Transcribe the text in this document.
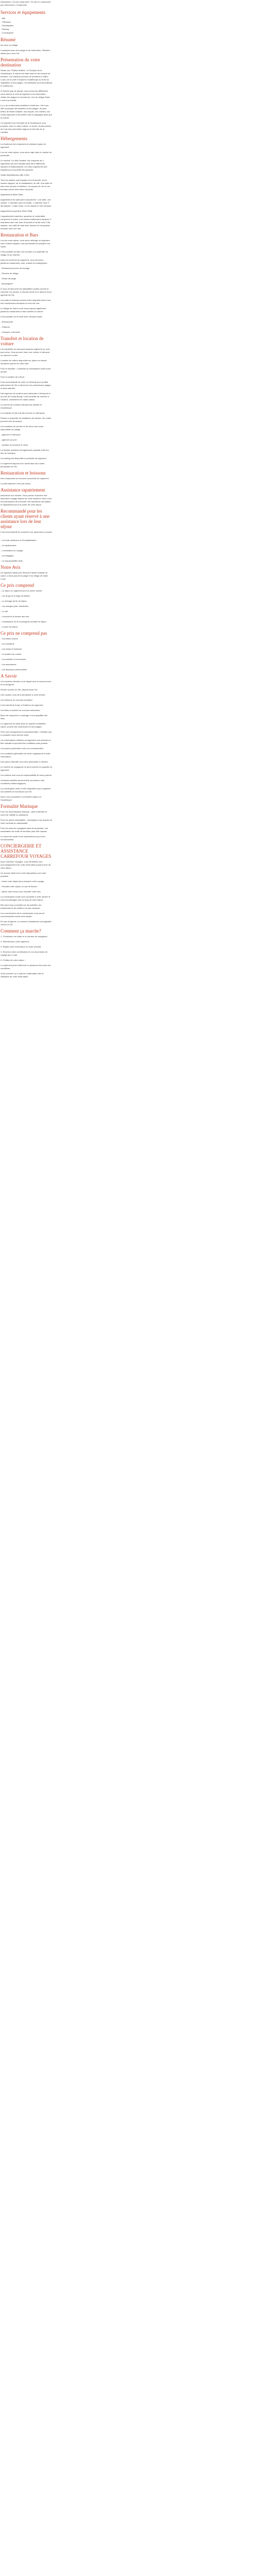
Description | Ce joli compromis ! Ce prix en compromis par l'annonceur | Compromis
Services et équipements
- Wifi
- Télévision
- Climatisation
- Parking
- Conciergerie
Résumé
Au cœur du village
A quelques pas de la plage et de l'animation. Situation idéale pour vivre l'île.
Présentation du votre destination
Située aux "Petites Antilles", à l'Archipel de la Guadeloupe, le séjour est situé dans un lieu unique du territoire. Les visiteurs peuvent se promener à Saint-Louis, sur la côte et explorer Guadeloupe au fil de sa végétation et ses plages. Les habitants sont accueillants et chaleureux.
À l'arrivée pas de départ, nous avons les différentes vous donnez le coût du logement à la réservation, visites des plages et commerces, tout au village Saint-Louis à proximité.
Il y a de nombreuses activités à l'extérieur. L'île vous offre la plupart des activités et des plages, les plus belles de Marie-Galante, ses criques, ses rivières, ses routes agricoles et les belles vues et paysages ainsi que la culture.
Ce logement sur l'archipel de la Guadeloupe vous propose, avec ou sans voiture, un accès, la découverte de l'une des plus belles régions et des îles de la Caraïbe.
Hébergements
La résidence est composée de plusieurs types de logement :
Lors de votre séjour, vous serez logé dans le meublé de particulier.
Le meublé "La Villa Caraïbe" est composé de 2 logements qui sont répartis dans deux bâtiments séparés et indépendants. Les deux logements sont équipés pour accueillir des groupes.
Studio Bois/Bambou (Bis 1/2/3)
Tous les studios sont équipés d'un lit double, d'une cuisine équipée, de la climatisation, du wifi. Une salle de bain avec douche et toilettes. Un espace de vie et une terrasse privée avec salon de jardin.
Appartement (Bois Sifet)
Appartement de plain pied comprenant : une salle, une cuisine, 1 chambre avec lit double, 1 chambre avec 2 lits simples, 1 salle d'eau, un wc séparé et une terrasse.
Appartement supérieur (Bois Sifet)
L'appartement supérieur, spacieux et confortable, comprend un salon, une cuisine entièrement équipée, 2 chambres dont une avec lit double et l'autre avec 2 lits simples, une salle de bain avec douche et une grande terrasse avec vue mer.
Restauration et Bars
Lors de votre séjour, vous serez hébergé en logement avec cuisine équipée vous permettant de préparer vos repas.
Il est possible de faire vos courses à la supérette du village ou au marché.
Dans les environs du logement, vous trouverez plusieurs restaurants, bars, snacks et boulangeries :
- Restaurant proche de la plage
- Pizzeria du village
- Snack de plage
- Boulangerie
À vous de découvrir les spécialités locales comme le colombo, les accras, le boudin créole et le fameux rhum agricole de l'île.
Les plats et boissons peuvent être dégustés dans l'une des nombreuses terrasses du bord de mer.
Le village de Saint-Louis vous propose également plusieurs restaurants et bars animés en soirée.
Il est possible de se faire livrer certains repas :
- Restaurants
- Traiteurs
- Livraison à domicile
Transfert et location de voiture
Les transferts de l'aéroport jusqu'au logement ne sont pas inclus. Vous pourrez louer une voiture à l'aéroport ou réserver un taxi.
Location de voiture disponible sur place sur simple demande auprès de votre hôte.
Pour le transfert : Contacter la conciergerie avant votre arrivée.
Pour la location de voiture :
Il est recommandé de louer un véhicule pour profiter pleinement de l'île et découvrir ses nombreuses plages et sites naturels.
Des agences de location sont présentes à l'aéroport et au port de Grand-Bourg. Il est conseillé de réserver à l'avance, notamment en haute saison.
Le permis de conduire français est valable en Guadeloupe.
La conduite se fait à droite comme en métropole.
Pensez à respecter les limitations de vitesse, les routes peuvent être sinueuses.
Les locations de scooter et de vélos sont aussi disponibles au village.
- agences à l'aéroport
- agences au port
- location de scooters et vélos
La navette maritime est également possible entre les îles de l'archipel.
Un parking est disponible à proximité du logement.
Le logement dispose d'un accès aisé aux routes principales de l'île.
Restauration et boissons
Des restaurants se trouvent à proximité du logement.
Le petit déjeuner n'est pas inclus.
Assistance rapatriement
Assurance non incluse. Vous pouvez souscrire une assurance voyage auprès de votre assureur. Nous vous recommandons de souscrire une assurance annulation et rapatriement pour la durée de votre séjour.
Recommandé pour les clients ayant réservé à une assistance lors de leur séjour
Il est recommandé de souscrire une assurance couvrant :
- Les frais médicaux et d'hospitalisation
- Le rapatriement
- L'annulation du voyage
- Les bagages
- La responsabilité civile
Notre Avis
Un logement idéal pour découvrir Marie-Galante au calme, à deux pas de la plage et du village de Saint-Louis.
Ce prix comprend
- Le séjour en logement pour la durée choisie
- Les draps et le linge de toilette
- Le ménage de fin de séjour
- Les charges (eau, électricité)
- Le wifi
- L'accueil et la remise des clés
- L'assistance de la conciergerie pendant le séjour
- La taxe de séjour
Ce prix ne comprend pas
- Les billets d'avion
- Les transferts
- Les repas et boissons
- La location de voiture
- Les activités et excursions
- Les assurances
- Les dépenses personnelles
A Savoir
Les horaires d'arrivée et de départ sont à convenir avec la conciergerie.
Arrivée à partir de 15h, départ avant 11h.
Une caution vous sera demandée à votre arrivée.
Les animaux ne sont pas acceptés.
Il est interdit de fumer à l'intérieur du logement.
Les fêtes et soirées ne sont pas autorisées.
Merci de respecter le voisinage et la tranquillité des lieux.
Le logement est situé dans un quartier résidentiel calme, proche des commerces et des plages.
Pour tout renseignement complémentaire, n'hésitez pas à contacter notre service client.
Les informations relatives au logement sont données à titre indicatif et peuvent être modifiées sans préavis.
Les photos présentées sont non contractuelles.
Les conditions générales de vente s'appliquent à toute réservation.
Une pièce d'identité vous sera demandée à l'arrivée.
Le nombre de voyageurs ne peut excéder la capacité du logement.
Les enfants sont sous la responsabilité de leurs parents.
Certaines activités peuvent être soumises à des conditions météorologiques.
La conciergerie reste à votre disposition pour organiser vos activités et excursions sur l'île.
Nous vous souhaitons un excellent séjour en Guadeloupe.
Formalité Marinque
Pour les ressortissants français : carte d'identité en cours de validité ou passeport.
Pour les autres nationalités : renseignez-vous auprès de votre consulat ou ambassade.
Pour les mineurs voyageant sans leurs parents, une autorisation de sortie de territoire peut être requise.
Le carnet de santé et les vaccinations à jour sont recommandés.
CONCIERGERIE ET ASSISTANCE CARREFOUR VOYAGES
Avec Carrefour Voyages, vous bénéficiez d'un accompagnement de votre réservation jusqu'à la fin de votre séjour.
Un service client est à votre disposition pour toute question :
- Avant votre départ pour préparer votre voyage
- Pendant votre séjour en cas de besoin
- Après votre retour pour recueillir votre avis
La conciergerie locale vous accueille à votre arrivée et vous accompagne tout au long de votre séjour.
Elle peut vous conseiller sur les activités, les restaurants et les visites à ne pas manquer.
Les coordonnées de la conciergerie vous seront communiquées avant votre départ.
En cas d'urgence, un numéro d'assistance est joignable 24h/24 et 7j/7.
Comment ça marche?
1. Choisissez vos dates et le nombre de voyageurs.
2. Sélectionnez votre logement.
3. Réglez votre réservation en toute sécurité.
4. Recevez votre confirmation et vos documents de voyage par e-mail.
5. Profitez de votre séjour !
Le paiement peut s'effectuer en plusieurs fois selon les conditions.
Vous recevrez un e-mail de confirmation dès la validation de votre réservation.
